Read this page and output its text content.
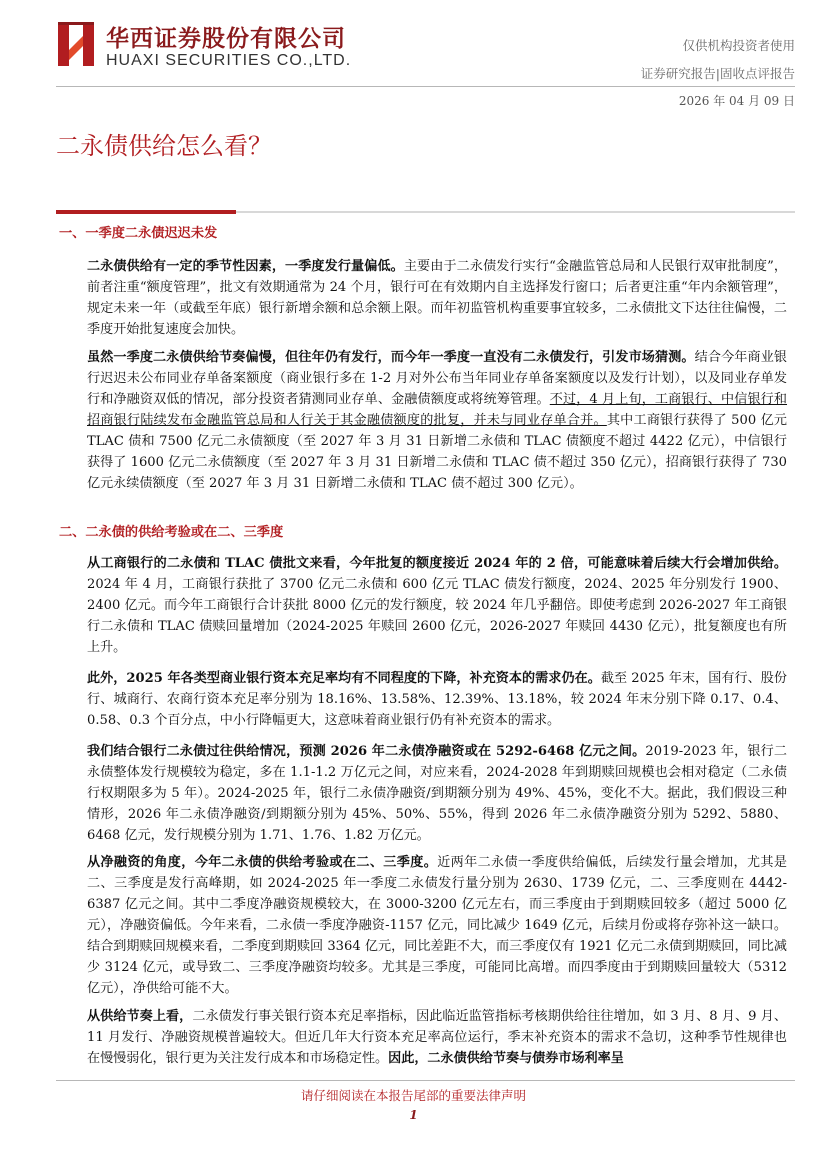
华西证券股份有限公司
HUAXI SECURITIES CO.,LTD.
仅供机构投资者使用
证券研究报告|固收点评报告
2026 年 04 月 09 日
二永债供给怎么看？
一、一季度二永债迟迟未发
二永债供给有一定的季节性因素，一季度发行量偏低。主要由于二永债发行实行“金融监管总局和人民银行双审批制度”，前者注重“额度管理”，批文有效期通常为 24 个月，银行可在有效期内自主选择发行窗口；后者更注重“年内余额管理”，规定未来一年（或截至年底）银行新增余额和总余额上限。而年初监管机构重要事宜较多，二永债批文下达往往偏慢，二季度开始批复速度会加快。
虽然一季度二永债供给节奏偏慢，但往年仍有发行，而今年一季度一直没有二永债发行，引发市场猜测。结合今年商业银行迟迟未公布同业存单备案额度（商业银行多在 1-2 月对外公布当年同业存单备案额度以及发行计划），以及同业存单发行和净融资双低的情况，部分投资者猜测同业存单、金融债额度或将统筹管理。不过，4 月上旬，工商银行、中信银行和招商银行陆续发布金融监管总局和人行关于其金融债额度的批复，并未与同业存单合并。其中工商银行获得了 500 亿元 TLAC 债和 7500 亿元二永债额度（至 2027 年 3 月 31 日新增二永债和 TLAC 债额度不超过 4422 亿元），中信银行获得了 1600 亿元二永债额度（至 2027 年 3 月 31 日新增二永债和 TLAC 债不超过 350 亿元），招商银行获得了 730 亿元永续债额度（至 2027 年 3 月 31 日新增二永债和 TLAC 债不超过 300 亿元）。
二、二永债的供给考验或在二、三季度
从工商银行的二永债和 TLAC 债批文来看，今年批复的额度接近 2024 年的 2 倍，可能意味着后续大行会增加供给。2024 年 4 月，工商银行获批了 3700 亿元二永债和 600 亿元 TLAC 债发行额度，2024、2025 年分别发行 1900、2400 亿元。而今年工商银行合计获批 8000 亿元的发行额度，较 2024 年几乎翻倍。即使考虑到 2026-2027 年工商银行二永债和 TLAC 债赎回量增加（2024-2025 年赎回 2600 亿元，2026-2027 年赎回 4430 亿元），批复额度也有所上升。
此外，2025 年各类型商业银行资本充足率均有不同程度的下降，补充资本的需求仍在。截至 2025 年末，国有行、股份行、城商行、农商行资本充足率分别为 18.16%、13.58%、12.39%、13.18%，较 2024 年末分别下降 0.17、0.4、0.58、0.3 个百分点，中小行降幅更大，这意味着商业银行仍有补充资本的需求。
我们结合银行二永债过往供给情况，预测 2026 年二永债净融资或在 5292-6468 亿元之间。2019-2023 年，银行二永债整体发行规模较为稳定，多在 1.1-1.2 万亿元之间，对应来看，2024-2028 年到期赎回规模也会相对稳定（二永债行权期限多为 5 年）。2024-2025 年，银行二永债净融资/到期额分别为 49%、45%，变化不大。据此，我们假设三种情形，2026 年二永债净融资/到期额分别为 45%、50%、55%，得到 2026 年二永债净融资分别为 5292、5880、6468 亿元，发行规模分别为 1.71、1.76、1.82 万亿元。
从净融资的角度，今年二永债的供给考验或在二、三季度。近两年二永债一季度供给偏低，后续发行量会增加，尤其是二、三季度是发行高峰期，如 2024-2025 年一季度二永债发行量分别为 2630、1739 亿元，二、三季度则在 4442-6387 亿元之间。其中二季度净融资规模较大，在 3000-3200 亿元左右，而三季度由于到期赎回较多（超过 5000 亿元），净融资偏低。今年来看，二永债一季度净融资-1157 亿元，同比减少 1649 亿元，后续月份或将存弥补这一缺口。结合到期赎回规模来看，二季度到期赎回 3364 亿元，同比差距不大，而三季度仅有 1921 亿元二永债到期赎回，同比减少 3124 亿元，或导致二、三季度净融资均较多。尤其是三季度，可能同比高增。而四季度由于到期赎回量较大（5312 亿元），净供给可能不大。
从供给节奏上看，二永债发行事关银行资本充足率指标，因此临近监管指标考核期供给往往增加，如 3 月、8 月、9 月、11 月发行、净融资规模普遍较大。但近几年大行资本充足率高位运行，季末补充资本的需求不急切，这种季节性规律也在慢慢弱化，银行更为关注发行成本和市场稳定性。因此，二永债供给节奏与债券市场利率呈
请仔细阅读在本报告尾部的重要法律声明
1
